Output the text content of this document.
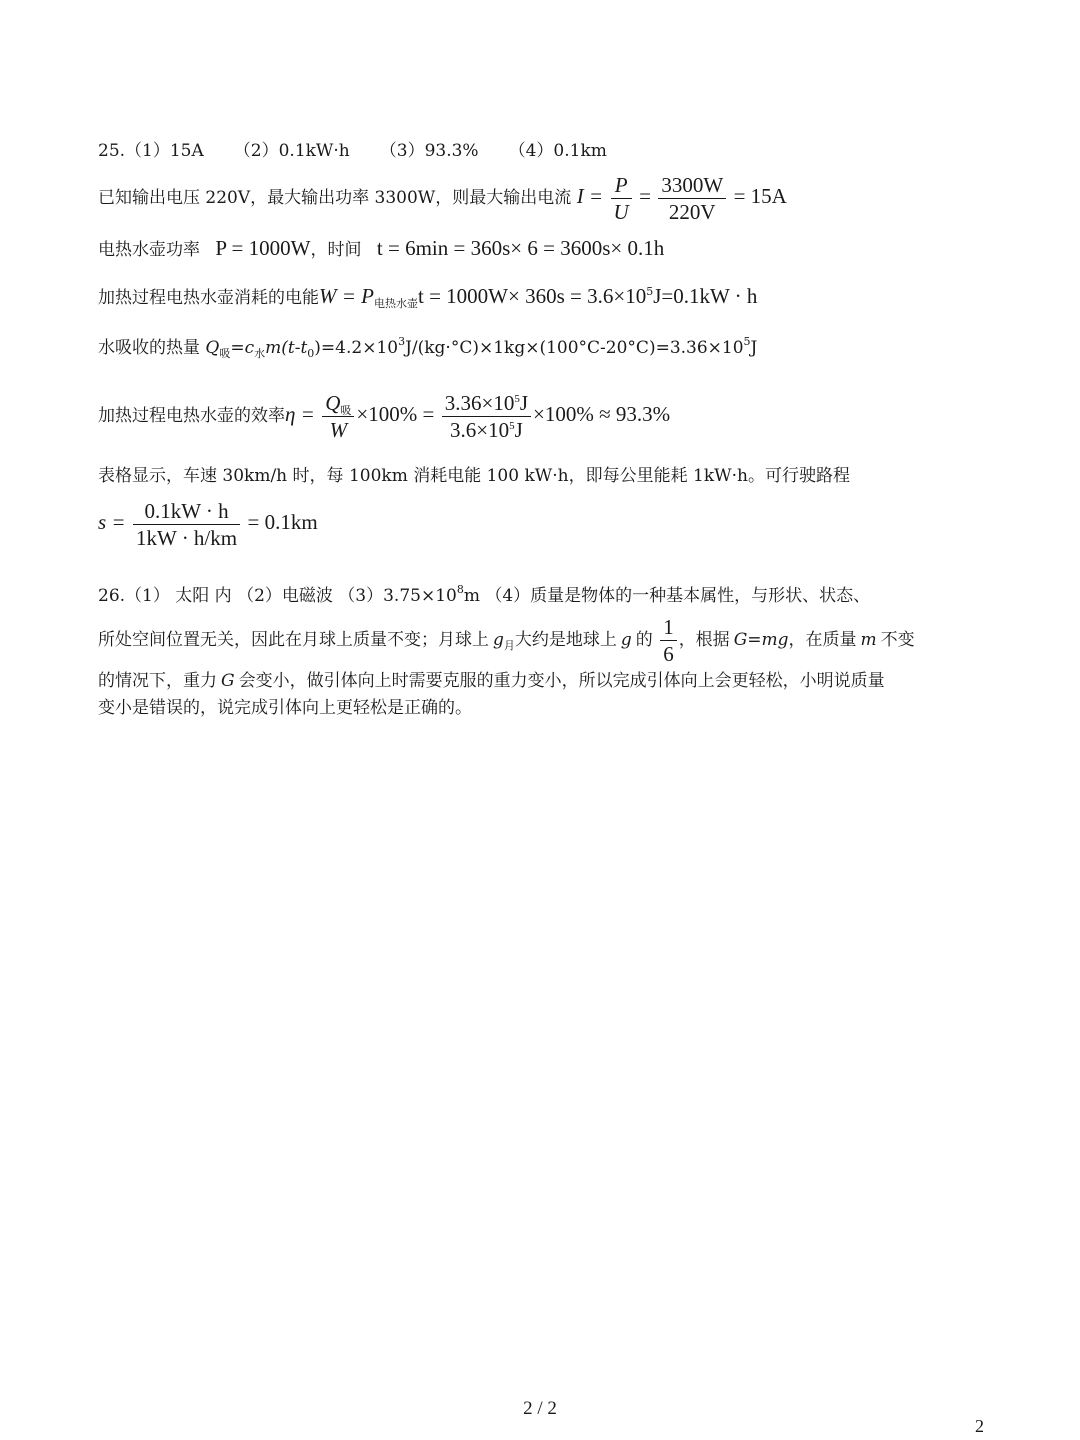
25.（1）15A （2）0.1kW·h （3）93.3% （4）0.1km
已知输出电压 220V，最大输出功率 3300W，则最大输出电流 $I = \frac{P}{U} = \frac{3300W}{220V} = 15A$
电热水壶功率 P = 1000W，时间 t = 6min = 360s× 6 = 3600s× 0.1h
加热过程电热水壶消耗的电能$W = P_{电热水壶}t = 1000W\times 360s = 3.6\times 10^5J=0.1kW \cdot h$
水吸收的热量 $Q_吸=c_水m(t-t_0)=4.2\times 10^3J/(kg\cdot^\circ C)\times 1kg\times(100^\circ C-20^\circ C)=3.36\times 10^5J$
加热过程电热水壶的效率$\eta = \frac{Q_吸}{W} \times 100\% = \frac{3.36\times 10^5J}{3.6\times 10^5J} \times 100\% \approx 93.3\%$
表格显示，车速 30km/h 时，每 100km 消耗电能 100 kW·h，即每公里能耗 1kW·h。可行驶路程
$s = \frac{0.1kW \cdot h}{1kW \cdot h/km} = 0.1km$
26.（1） 太阳 内 （2）电磁波 $(3)3.75\times 10^8m$ （4）质量是物体的一种基本属性，与形状、状态、
所处空间位置无关，因此在月球上质量不变；月球上 $g_月$大约是地球上 g 的 $\frac{1}{6}$ ，根据 G=mg，在质量 m 不变
的情况下，重力 G 会变小，做引体向上时需要克服的重力变小，所以完成引体向上会更轻松，小明说质量
变小是错误的，说完成引体向上更轻松是正确的。
2 / 2
2
